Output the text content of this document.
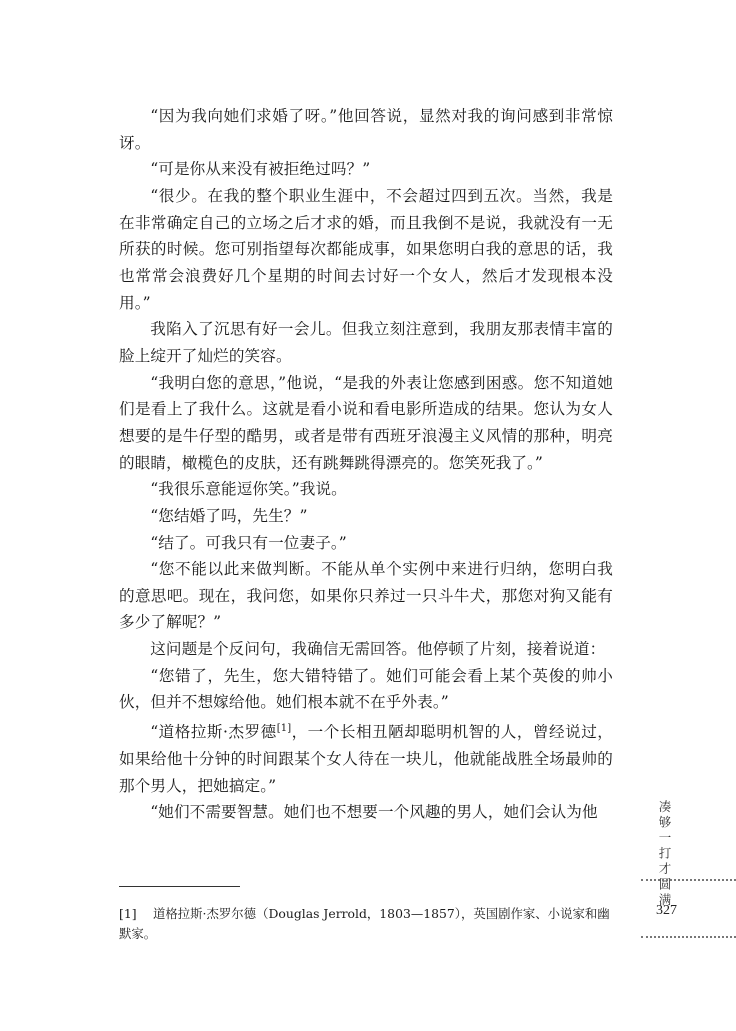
“因为我向她们求婚了呀。”他回答说，显然对我的询问感到非常惊讶。

“可是你从来没有被拒绝过吗？”

“很少。在我的整个职业生涯中，不会超过四到五次。当然，我是在非常确定自己的立场之后才求的婚，而且我倒不是说，我就没有一无所获的时候。您可别指望每次都能成事，如果您明白我的意思的话，我也常常会浪费好几个星期的时间去讨好一个女人，然后才发现根本没用。”

我陷入了沉思有好一会儿。但我立刻注意到，我朋友那表情丰富的脸上绽开了灿烂的笑容。

“我明白您的意思，”他说，“是我的外表让您感到困惑。您不知道她们是看上了我什么。这就是看小说和看电影所造成的结果。您认为女人想要的是牛仔型的酷男，或者是带有西班牙浪漫主义风情的那种，明亮的眼睛，橄榄色的皮肤，还有跳舞跳得漂亮的。您笑死我了。”

“我很乐意能逗你笑。”我说。

“您结婚了吗，先生？”

“结了。可我只有一位妻子。”

“您不能以此来做判断。不能从单个实例中来进行归纳，您明白我的意思吧。现在，我问您，如果你只养过一只斗牛犬，那您对狗又能有多少了解呢？”

这问题是个反问句，我确信无需回答。他停顿了片刻，接着说道：

“您错了，先生，您大错特错了。她们可能会看上某个英俊的帅小伙，但并不想嫁给他。她们根本就不在乎外表。”

“道格拉斯·杰罗德[1]，一个长相丑陋却聪明机智的人，曾经说过，如果给他十分钟的时间跟某个女人待在一块儿，他就能战胜全场最帅的那个男人，把她搞定。”

“她们不需要智慧。她们也不想要一个风趣的男人，她们会认为他

[1] 道格拉斯·杰罗尔德（Douglas Jerrold，1803—1857），英国剧作家、小说家和幽默家。

凑够一打才圆满
327
